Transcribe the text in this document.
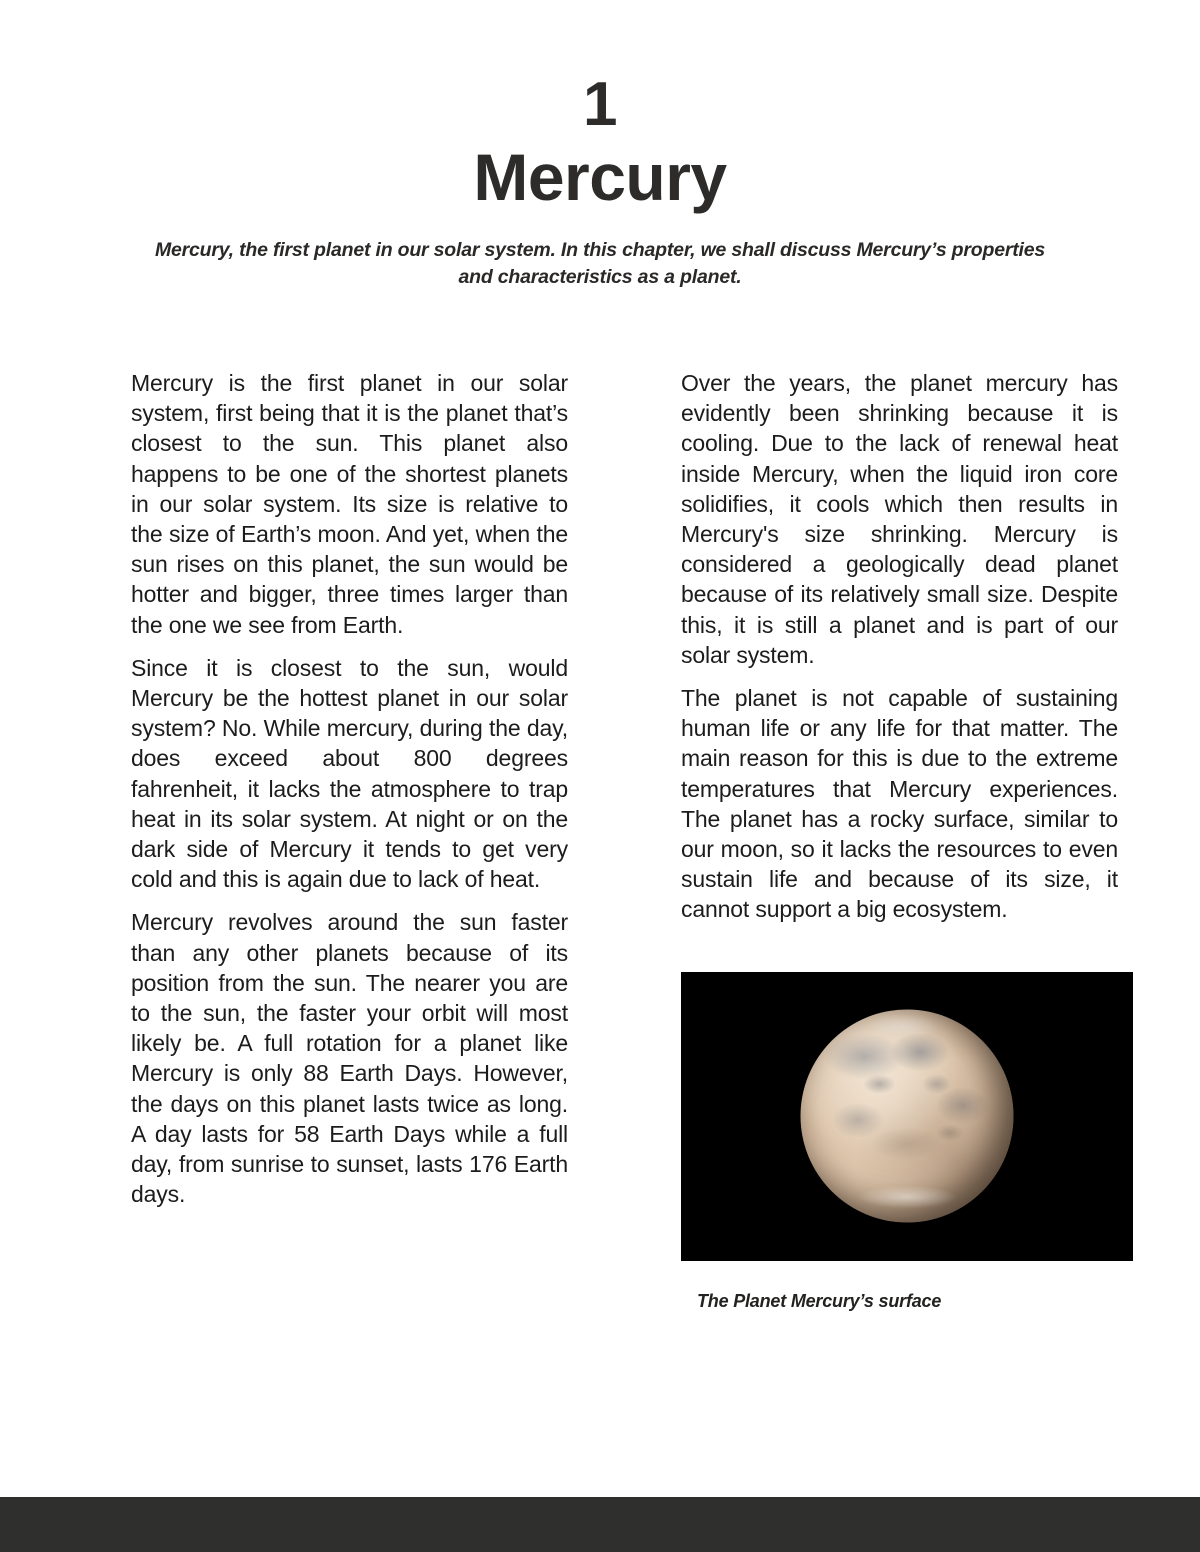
1
Mercury
Mercury, the first planet in our solar system. In this chapter, we shall discuss Mercury’s properties and characteristics as a planet.

Mercury is the first planet in our solar system, first being that it is the planet that’s closest to the sun. This planet also happens to be one of the shortest planets in our solar system. Its size is relative to the size of Earth’s moon. And yet, when the sun rises on this planet, the sun would be hotter and bigger, three times larger than the one we see from Earth.

Since it is closest to the sun, would Mercury be the hottest planet in our solar system? No. While mercury, during the day, does exceed about 800 degrees fahrenheit, it lacks the atmosphere to trap heat in its solar system. At night or on the dark side of Mercury it tends to get very cold and this is again due to lack of heat.

Mercury revolves around the sun faster than any other planets because of its position from the sun. The nearer you are to the sun, the faster your orbit will most likely be. A full rotation for a planet like Mercury is only 88 Earth Days. However, the days on this planet lasts twice as long. A day lasts for 58 Earth Days while a full day, from sunrise to sunset, lasts 176 Earth days.

Over the years, the planet mercury has evidently been shrinking because it is cooling. Due to the lack of renewal heat inside Mercury, when the liquid iron core solidifies, it cools which then results in Mercury's size shrinking. Mercury is considered a geologically dead planet because of its relatively small size. Despite this, it is still a planet and is part of our solar system.

The planet is not capable of sustaining human life or any life for that matter. The main reason for this is due to the extreme temperatures that Mercury experiences. The planet has a rocky surface, similar to our moon, so it lacks the resources to even sustain life and because of its size, it cannot support a big ecosystem.

The Planet Mercury’s surface
